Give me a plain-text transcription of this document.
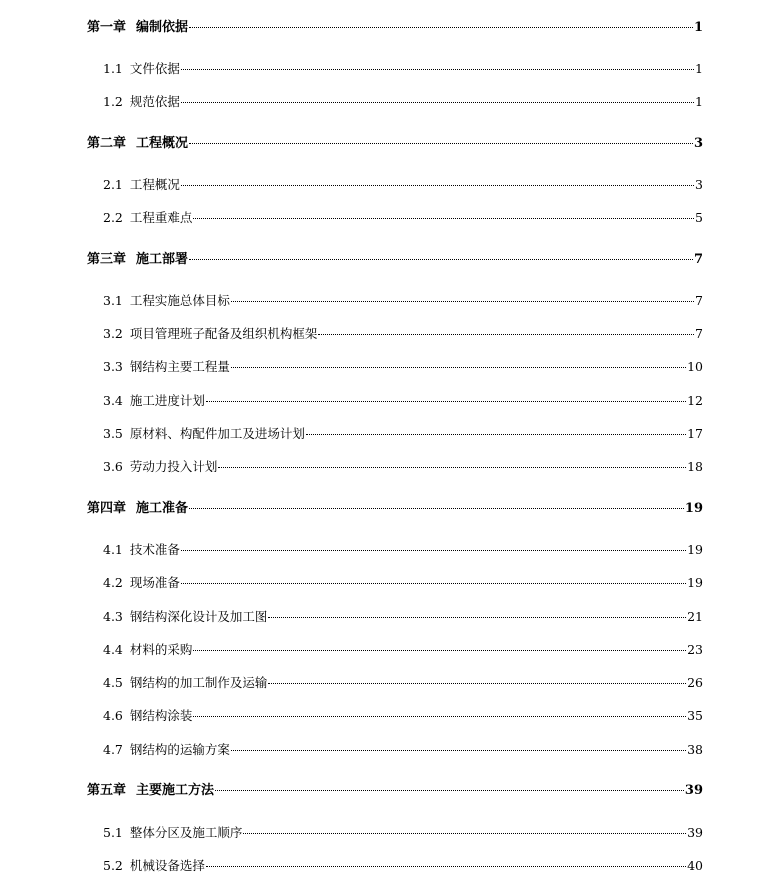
第一章 编制依据	1
1.1 文件依据	1
1.2 规范依据	1
第二章 工程概况	3
2.1 工程概况	3
2.2 工程重难点	5
第三章 施工部署	7
3.1 工程实施总体目标	7
3.2 项目管理班子配备及组织机构框架	7
3.3 钢结构主要工程量	10
3.4 施工进度计划	12
3.5 原材料、构配件加工及进场计划	17
3.6 劳动力投入计划	18
第四章 施工准备	19
4.1 技术准备	19
4.2 现场准备	19
4.3 钢结构深化设计及加工图	21
4.4 材料的采购	23
4.5 钢结构的加工制作及运输	26
4.6 钢结构涂装	35
4.7 钢结构的运输方案	38
第五章 主要施工方法	39
5.1 整体分区及施工顺序	39
5.2 机械设备选择	40
